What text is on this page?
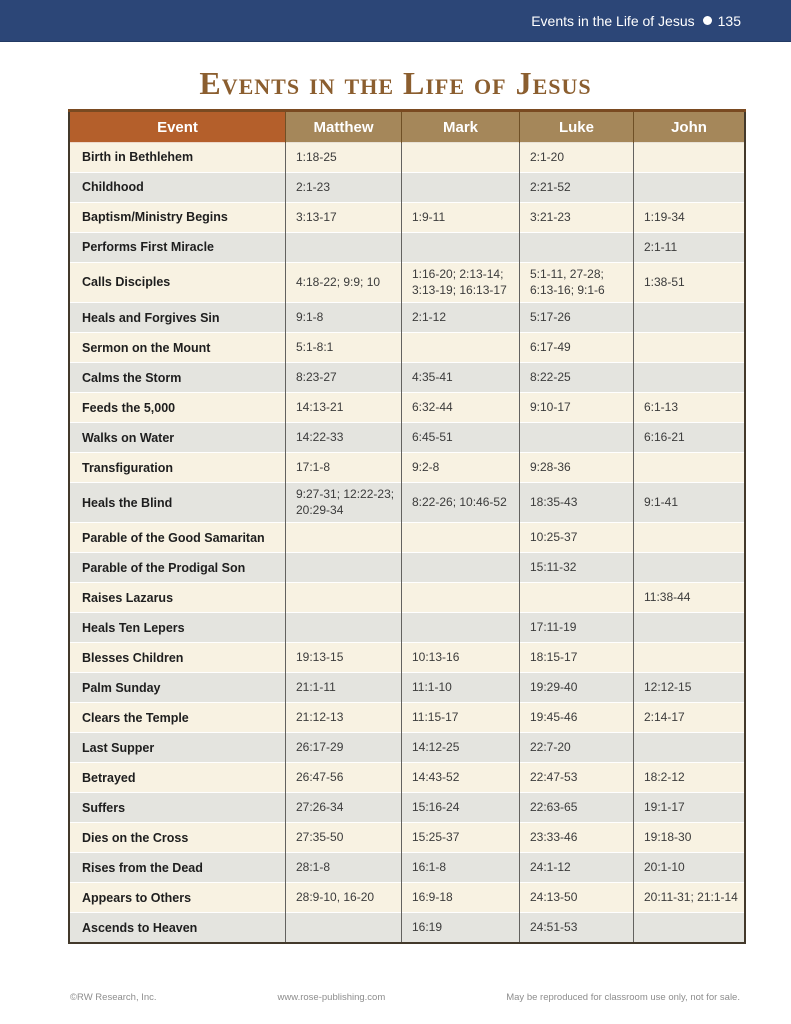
Events in the Life of Jesus 135
Events in the Life of Jesus
Event	Matthew	Mark	Luke	John
Birth in Bethlehem	1:18-25		2:1-20	
Childhood	2:1-23		2:21-52	
Baptism/Ministry Begins	3:13-17	1:9-11	3:21-23	1:19-34
Performs First Miracle				2:1-11
Calls Disciples	4:18-22; 9:9; 10	1:16-20; 2:13-14; 3:13-19; 16:13-17	5:1-11, 27-28; 6:13-16; 9:1-6	1:38-51
Heals and Forgives Sin	9:1-8	2:1-12	5:17-26	
Sermon on the Mount	5:1-8:1		6:17-49	
Calms the Storm	8:23-27	4:35-41	8:22-25	
Feeds the 5,000	14:13-21	6:32-44	9:10-17	6:1-13
Walks on Water	14:22-33	6:45-51		6:16-21
Transfiguration	17:1-8	9:2-8	9:28-36	
Heals the Blind	9:27-31; 12:22-23; 20:29-34	8:22-26; 10:46-52	18:35-43	9:1-41
Parable of the Good Samaritan			10:25-37	
Parable of the Prodigal Son			15:11-32	
Raises Lazarus				11:38-44
Heals Ten Lepers			17:11-19	
Blesses Children	19:13-15	10:13-16	18:15-17	
Palm Sunday	21:1-11	11:1-10	19:29-40	12:12-15
Clears the Temple	21:12-13	11:15-17	19:45-46	2:14-17
Last Supper	26:17-29	14:12-25	22:7-20	
Betrayed	26:47-56	14:43-52	22:47-53	18:2-12
Suffers	27:26-34	15:16-24	22:63-65	19:1-17
Dies on the Cross	27:35-50	15:25-37	23:33-46	19:18-30
Rises from the Dead	28:1-8	16:1-8	24:1-12	20:1-10
Appears to Others	28:9-10, 16-20	16:9-18	24:13-50	20:11-31; 21:1-14
Ascends to Heaven		16:19	24:51-53	
©RW Research, Inc.	www.rose-publishing.com	May be reproduced for classroom use only, not for sale.
